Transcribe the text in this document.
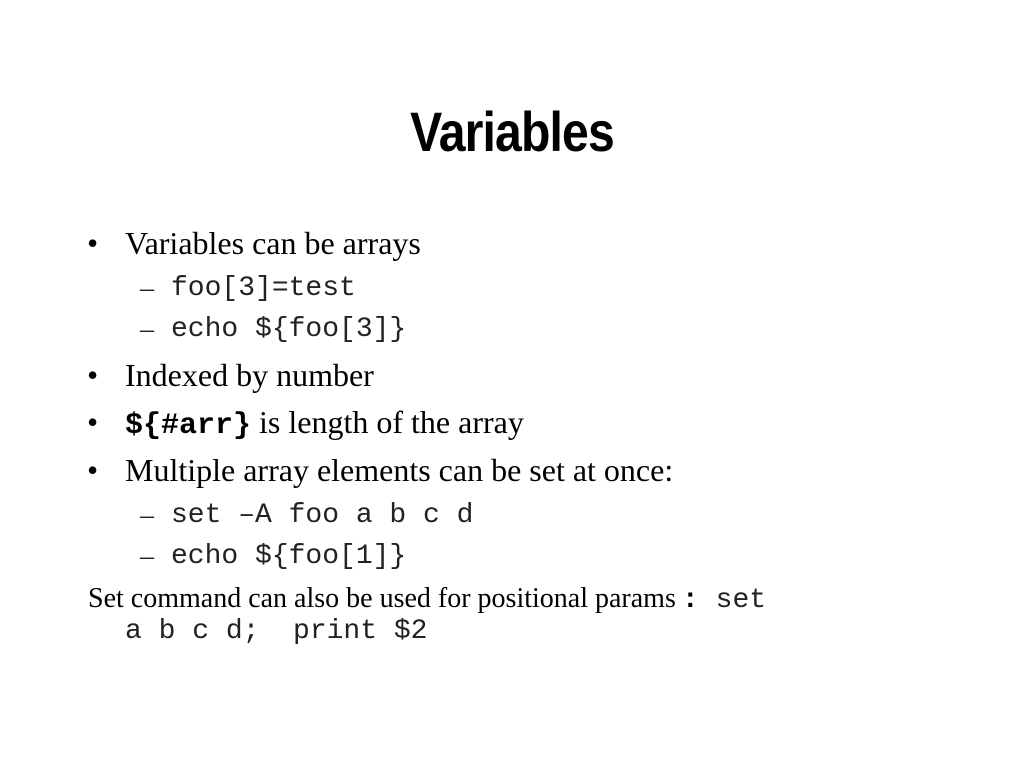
Variables
• Variables can be arrays
– foo[3]=test
– echo ${foo[3]}
• Indexed by number
• ${#arr} is length of the array
• Multiple array elements can be set at once:
– set –A foo a b c d
– echo ${foo[1]}
Set command can also be used for positional params : set
a b c d;  print $2
